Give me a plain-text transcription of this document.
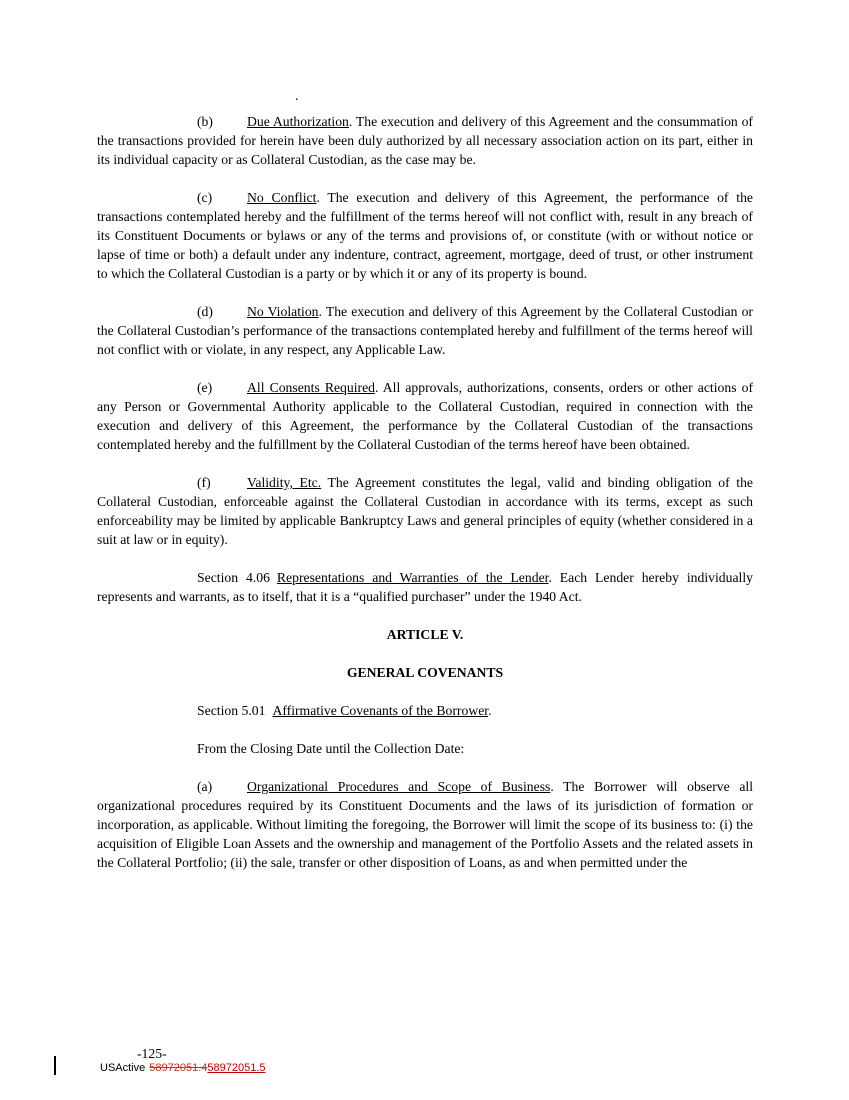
.

(b) Due Authorization. The execution and delivery of this Agreement and the consummation of the transactions provided for herein have been duly authorized by all necessary association action on its part, either in its individual capacity or as Collateral Custodian, as the case may be.

(c)	No Conflict. The execution and delivery of this Agreement, the performance of the transactions contemplated hereby and the fulfillment of the terms hereof will not conflict with, result in any breach of its Constituent Documents or bylaws or any of the terms and provisions of, or constitute (with or without notice or lapse of time or both) a default under any indenture, contract, agreement, mortgage, deed of trust, or other instrument to which the Collateral Custodian is a party or by which it or any of its property is bound.

(d) No Violation. The execution and delivery of this Agreement by the Collateral Custodian or the Collateral Custodian’s performance of the transactions contemplated hereby and fulfillment of the terms hereof will not conflict with or violate, in any respect, any Applicable Law.

(e)	All Consents Required. All approvals, authorizations, consents, orders or other actions of any Person or Governmental Authority applicable to the Collateral Custodian, required in connection with the execution and delivery of this Agreement, the performance by the Collateral Custodian of the transactions contemplated hereby and the fulfillment by the Collateral Custodian of the terms hereof have been obtained.

(f)	Validity, Etc. The Agreement constitutes the legal, valid and binding obligation of the Collateral Custodian, enforceable against the Collateral Custodian in accordance with its terms, except as such enforceability may be limited by applicable Bankruptcy Laws and general principles of equity (whether considered in a suit at law or in equity).

Section 4.06 Representations and Warranties of the Lender. Each Lender hereby individually represents and warrants, as to itself, that it is a “qualified purchaser” under the 1940 Act.

ARTICLE V.
GENERAL COVENANTS

Section 5.01 Affirmative Covenants of the Borrower.

From the Closing Date until the Collection Date:

(a)	Organizational Procedures and Scope of Business. The Borrower will observe all organizational procedures required by its Constituent Documents and the laws of its jurisdiction of formation or incorporation, as applicable. Without limiting the foregoing, the Borrower will limit the scope of its business to: (i) the acquisition of Eligible Loan Assets and the ownership and management of the Portfolio Assets and the related assets in the Collateral Portfolio; (ii) the sale, transfer or other disposition of Loans, as and when permitted under the

-125-
USActive 58972051.458972051.5
